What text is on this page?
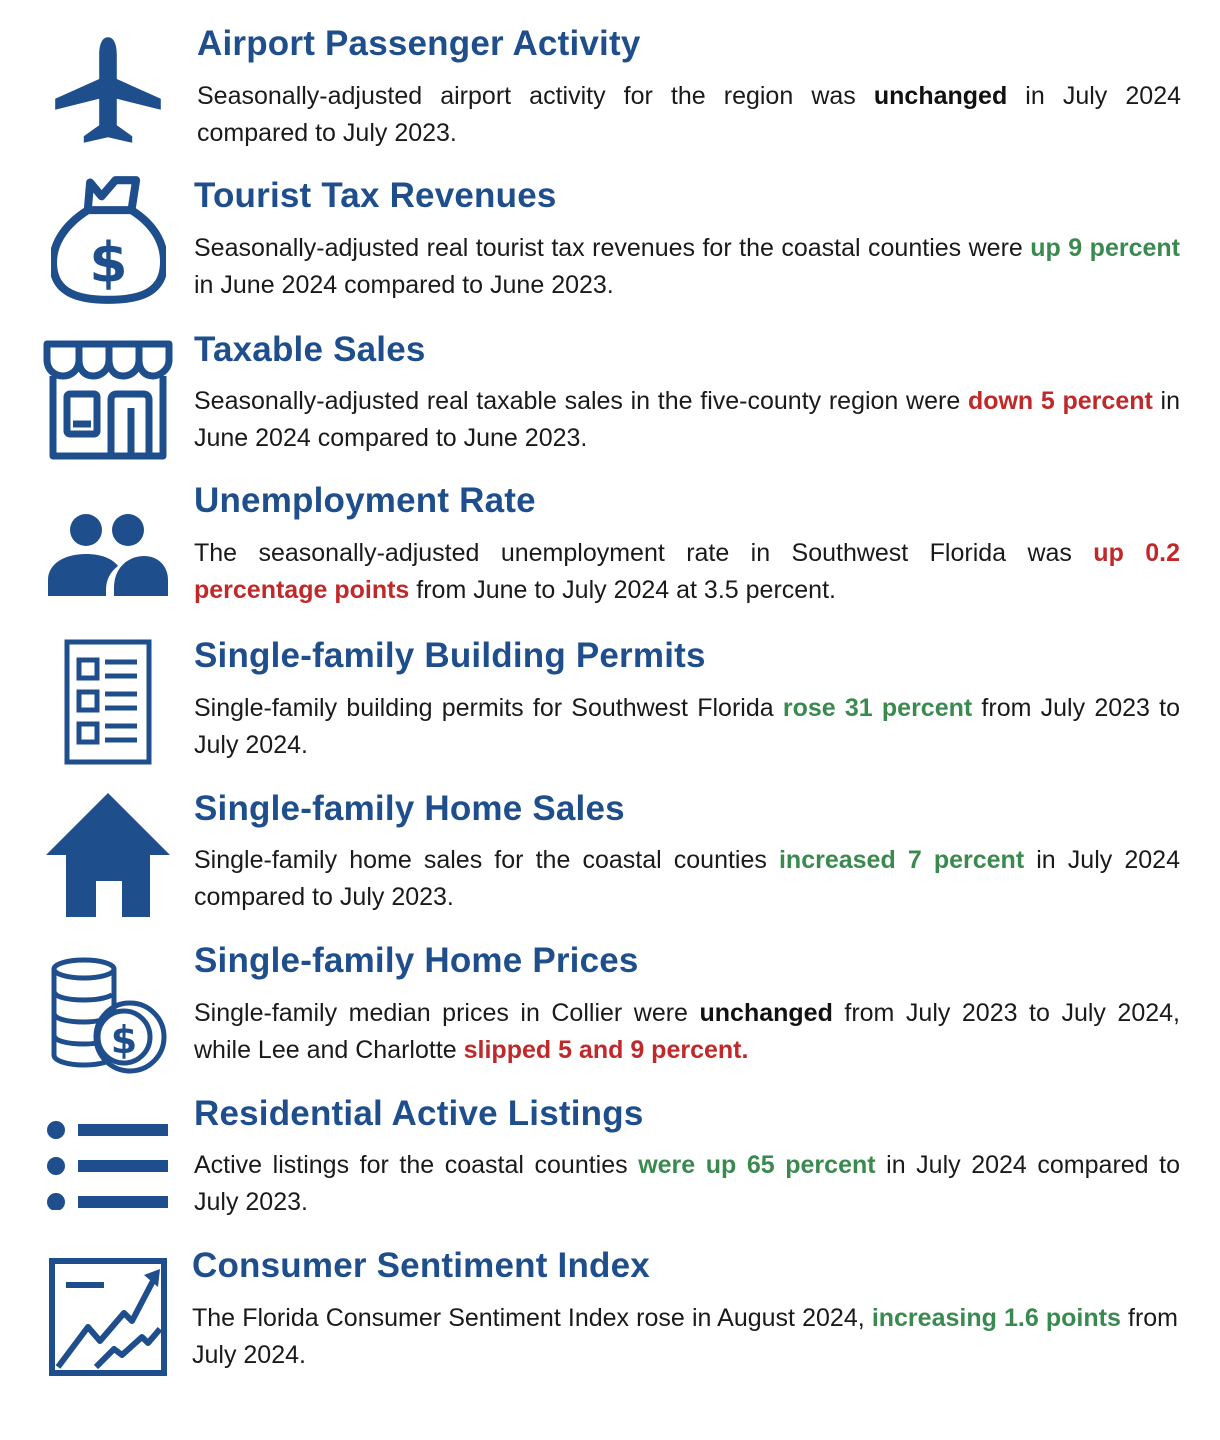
Airport Passenger Activity

Seasonally-adjusted airport activity for the region was unchanged in July 2024 compared to July 2023.

$
Tourist Tax Revenues

Seasonally-adjusted real tourist tax revenues for the coastal counties were up 9 percent in June 2024 compared to June 2023.

Taxable Sales

Seasonally-adjusted real taxable sales in the five-county region were down 5 percent in June 2024 compared to June 2023.

Unemployment Rate

The seasonally-adjusted unemployment rate in Southwest Florida was up 0.2 percentage points from June to July 2024 at 3.5 percent.

Single-family Building Permits

Single-family building permits for Southwest Florida rose 31 percent from July 2023 to July 2024.

Single-family Home Sales

Single-family home sales for the coastal counties increased 7 percent in July 2024 compared to July 2023.

$
Single-family Home Prices

Single-family median prices in Collier were unchanged from July 2023 to July 2024, while Lee and Charlotte slipped 5 and 9 percent.

Residential Active Listings

Active listings for the coastal counties were up 65 percent in July 2024 compared to July 2023.

Consumer Sentiment Index

The Florida Consumer Sentiment Index rose in August 2024, increasing 1.6 points from July 2024.
